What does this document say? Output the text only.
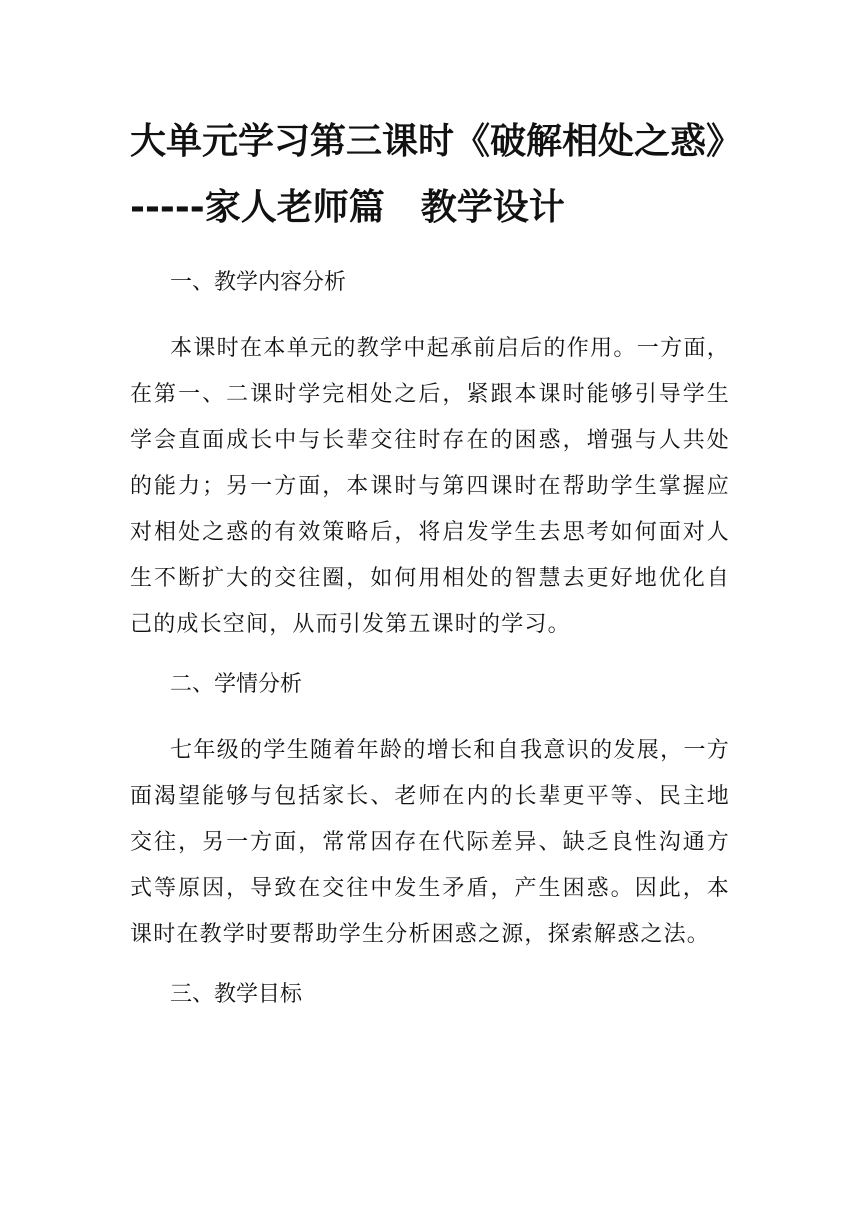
大单元学习第三课时《破解相处之惑》
-----家人老师篇　教学设计
一、教学内容分析
本课时在本单元的教学中起承前启后的作用。一方面，在第一、二课时学完相处之后，紧跟本课时能够引导学生学会直面成长中与长辈交往时存在的困惑，增强与人共处的能力；另一方面，本课时与第四课时在帮助学生掌握应对相处之惑的有效策略后，将启发学生去思考如何面对人生不断扩大的交往圈，如何用相处的智慧去更好地优化自己的成长空间，从而引发第五课时的学习。
二、学情分析
七年级的学生随着年龄的增长和自我意识的发展，一方面渴望能够与包括家长、老师在内的长辈更平等、民主地交往，另一方面，常常因存在代际差异、缺乏良性沟通方式等原因，导致在交往中发生矛盾，产生困惑。因此，本课时在教学时要帮助学生分析困惑之源，探索解惑之法。
三、教学目标
